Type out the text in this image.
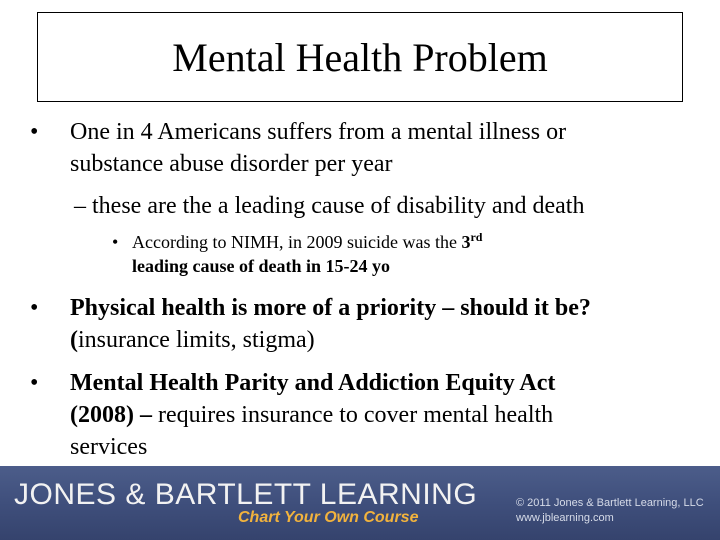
Mental Health Problem
• One in 4 Americans suffers from a mental illness or
substance abuse disorder per year
– these are the a leading cause of disability and death
• According to NIMH, in 2009 suicide was the 3rd
leading cause of death in 15-24 yo
• Physical health is more of a priority – should it be?
(insurance limits, stigma)
• Mental Health Parity and Addiction Equity Act
(2008) – requires insurance to cover mental health
services
JONES & BARTLETT LEARNING
Chart Your Own Course
© 2011 Jones & Bartlett Learning, LLC
www.jblearning.com
